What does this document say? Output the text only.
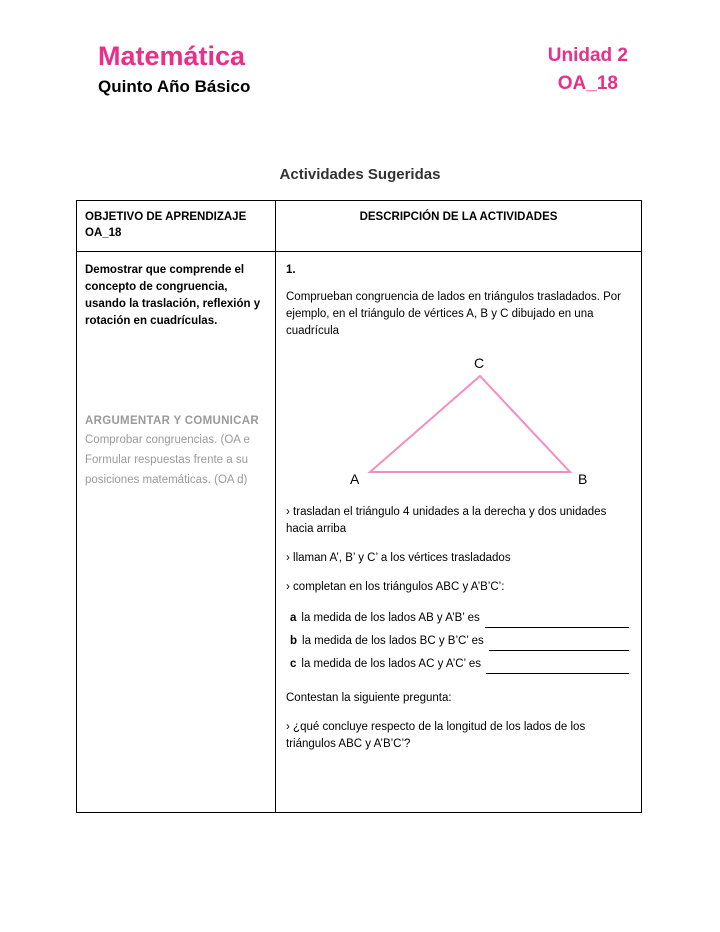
Matemática
Quinto Año Básico
Unidad 2
OA_18
Actividades Sugeridas
OBJETIVO DE APRENDIZAJE OA_18
DESCRIPCIÓN DE LA ACTIVIDADES
Demostrar que comprende el concepto de congruencia, usando la traslación, reflexión y rotación en cuadrículas.
ARGUMENTAR Y COMUNICAR
Comprobar congruencias. (OA e
Formular respuestas frente a su
posiciones matemáticas. (OA d)
1.
Comprueban congruencia de lados en triángulos trasladados. Por ejemplo, en el triángulo de vértices A, B y C dibujado en una cuadrícula
A	B
C
› trasladan el triángulo 4 unidades a la derecha y dos unidades hacia arriba
› llaman A’, B’ y C’ a los vértices trasladados
› completan en los triángulos ABC y A’B’C’:
a la medida de los lados AB y A’B’ es
b la medida de los lados BC y B’C’ es
c la medida de los lados AC y A’C’ es
Contestan la siguiente pregunta:
› ¿qué concluye respecto de la longitud de los lados de los triángulos ABC y A’B’C’?
